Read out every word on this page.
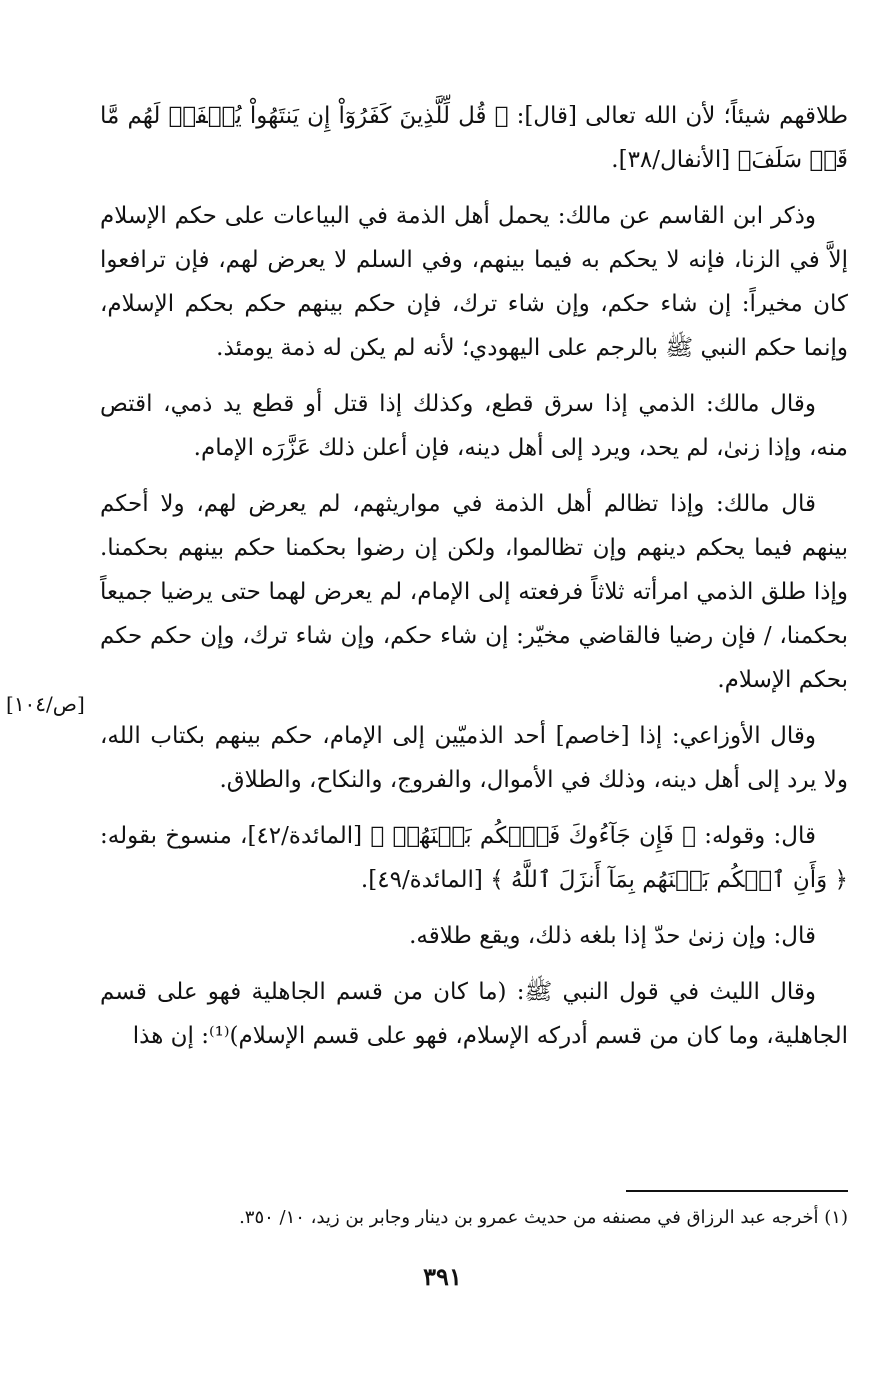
طلاقهم شيئاً؛ لأن الله تعالى [قال]: ﴿ قُل لِّلَّذِينَ كَفَرُوٓاْ إِن يَنتَهُواْ يُغۡفَرۡ لَهُم مَّا قَدۡ سَلَفَ﴾ [الأنفال/٣٨].

وذكر ابن القاسم عن مالك: يحمل أهل الذمة في البياعات على حكم الإسلام إلاَّ في الزنا، فإنه لا يحكم به فيما بينهم، وفي السلم لا يعرض لهم، فإن ترافعوا كان مخيراً: إن شاء حكم، وإن شاء ترك، فإن حكم بينهم حكم بحكم الإسلام، وإنما حكم النبي ﷺ بالرجم على اليهودي؛ لأنه لم يكن له ذمة يومئذ.

وقال مالك: الذمي إذا سرق قطع، وكذلك إذا قتل أو قطع يد ذمي، اقتص منه، وإذا زنىٰ، لم يحد، ويرد إلى أهل دينه، فإن أعلن ذلك عَزَّرَه الإمام.

قال مالك: وإذا تظالم أهل الذمة في مواريثهم، لم يعرض لهم، ولا أحكم بينهم فيما يحكم دينهم وإن تظالموا، ولكن إن رضوا بحكمنا حكم بينهم بحكمنا. وإذا طلق الذمي امرأته ثلاثاً فرفعته إلى الإمام، لم يعرض لهما حتى يرضيا جميعاً بحكمنا، / فإن رضيا فالقاضي مخيّر: إن شاء حكم، وإن شاء ترك، وإن حكم حكم بحكم الإسلام.

وقال الأوزاعي: إذا [خاصم] أحد الذميّين إلى الإمام، حكم بينهم بكتاب الله، ولا يرد إلى أهل دينه، وذلك في الأموال، والفروج، والنكاح، والطلاق.

قال: وقوله: ﴿ فَإِن جَآءُوكَ فَٱحۡكُم بَيۡنَهُمۡ ﴾ [المائدة/٤٢]، منسوخ بقوله: ﴿ وَأَنِ ٱحۡكُم بَيۡنَهُم بِمَآ أَنزَلَ ٱللَّهُ ﴾ [المائدة/٤٩].

قال: وإن زنىٰ حدّ إذا بلغه ذلك، ويقع طلاقه.

وقال الليث في قول النبي ﷺ: (ما كان من قسم الجاهلية فهو على قسم الجاهلية، وما كان من قسم أدركه الإسلام، فهو على قسم الإسلام)⁽¹⁾: إن هذا

[ص/١٠٤]
(١) أخرجه عبد الرزاق في مصنفه من حديث عمرو بن دينار وجابر بن زيد، ١٠/ ٣٥٠.
٣٩١
